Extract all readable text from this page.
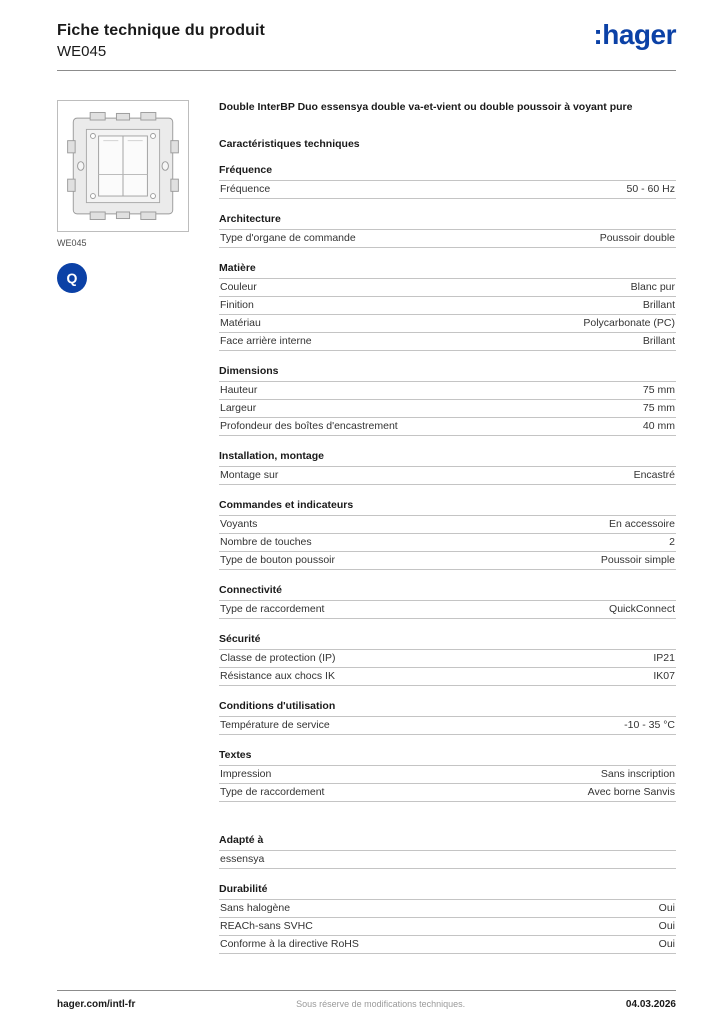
Fiche technique du produit
WE045
:hager
WE045
Q
Double InterBP Duo essensya double va-et-vient ou double poussoir à voyant pure
Caractéristiques techniques
Fréquence
Fréquence	50 - 60 Hz
Architecture
Type d'organe de commande	Poussoir double
Matière
Couleur	Blanc pur
Finition	Brillant
Matériau	Polycarbonate (PC)
Face arrière interne	Brillant
Dimensions
Hauteur	75 mm
Largeur	75 mm
Profondeur des boîtes d'encastrement	40 mm
Installation, montage
Montage sur	Encastré
Commandes et indicateurs
Voyants	En accessoire
Nombre de touches	2
Type de bouton poussoir	Poussoir simple
Connectivité
Type de raccordement	QuickConnect
Sécurité
Classe de protection (IP)	IP21
Résistance aux chocs IK	IK07
Conditions d'utilisation
Température de service	-10 - 35 °C
Textes
Impression	Sans inscription
Type de raccordement	Avec borne Sanvis
Adapté à
essensya
Durabilité
Sans halogène	Oui
REACh-sans SVHC	Oui
Conforme à la directive RoHS	Oui
hager.com/intl-fr	Sous réserve de modifications techniques.	04.03.2026
